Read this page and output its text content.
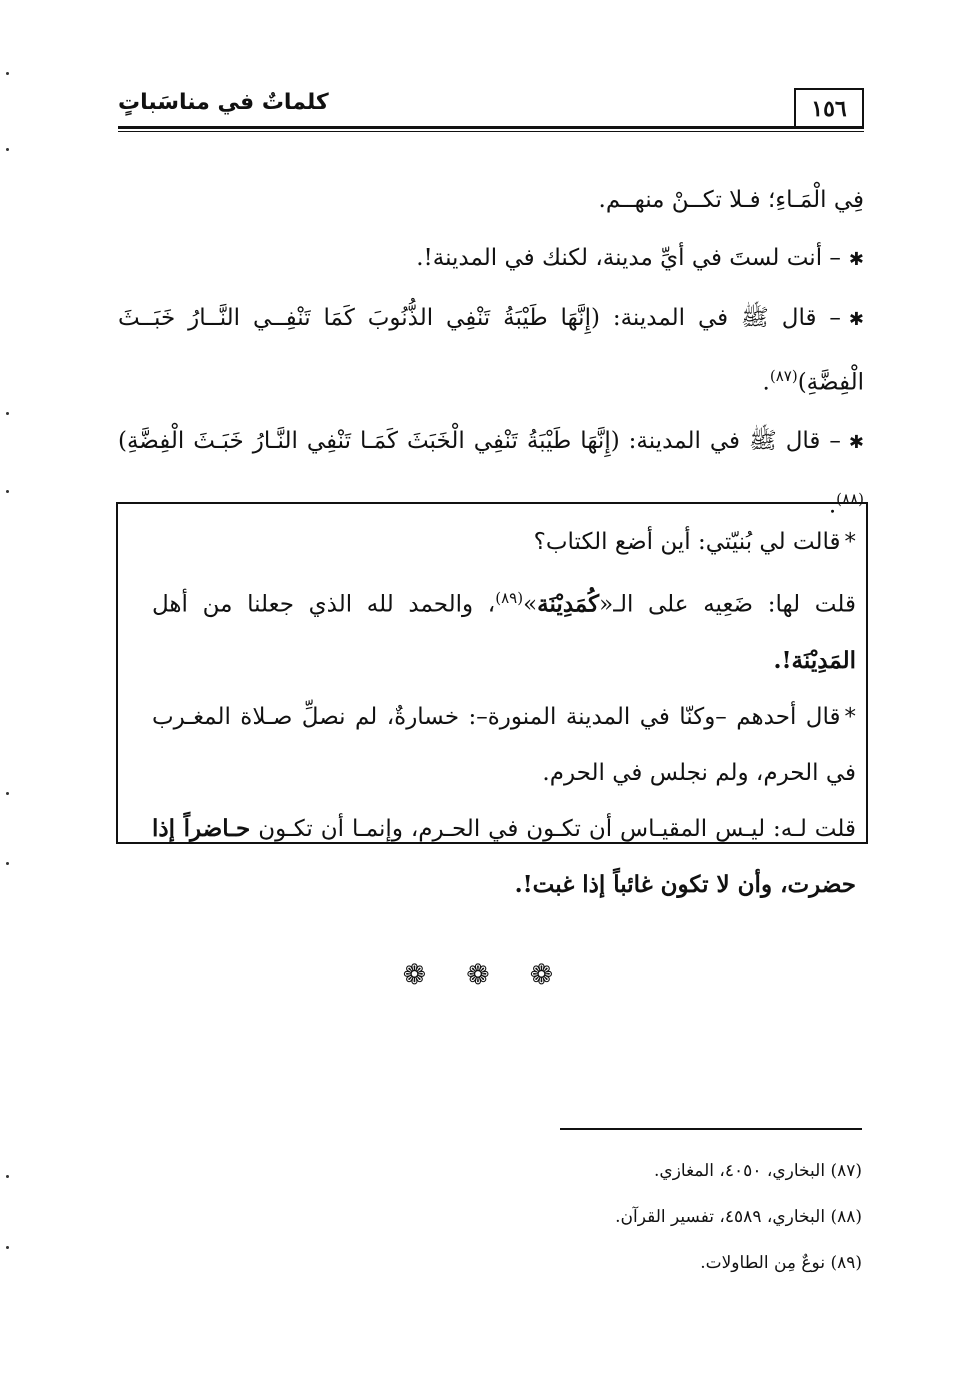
١٥٦
كلماتٌ في مناسَباتٍ

فِي الْمَـاءِ؛ فـلا تكــنْ منهــم.

✱– أنت لستَ في أيِّ مدينة، لكنك في المدينة!.

✱– قال ﷺ في المدينة: (إِنَّهَا طَيْبَةُ تَنْفِي الذُّنُوبَ كَمَا تَنْفِــي النَّــارُ خَبَــثَ الْفِضَّةِ)$^{(٨٧)}$.

✱– قال ﷺ في المدينة: (إِنَّهَا طَيْبَةُ تَنْفِي الْخَبَثَ كَمَـا تَنْفِي النَّـارُ خَبَـثَ الْفِضَّةِ)$^{(٨٨)}$.

*قالت لي بُنيّتي: أين أضع الكتاب؟

قلت لها: ضَعِيه على الـ«كُمَدِيْنَة»$^{(٨٩)}$، والحمد لله الذي جعلنا من أهل المَدِيْنَة!.

*قال أحدهم –وكنّا في المدينة المنورة–: خسارةٌ، لم نصلِّ صـلاة المغـرب في الحرم، ولم نجلس في الحرم.

قلت لـه: ليـس المقيـاس أن تكـون في الحـرم، وإنمـا أن تكـون حـاضراً إذا حضرت، وأن لا تكون غائباً إذا غبت!.

❁ ❁ ❁
(٨٧) البخاري، ٤٠٥٠، المغازي.
(٨٨) البخاري، ٤٥٨٩، تفسير القرآن.
(٨٩) نوعٌ مِن الطاولات.
